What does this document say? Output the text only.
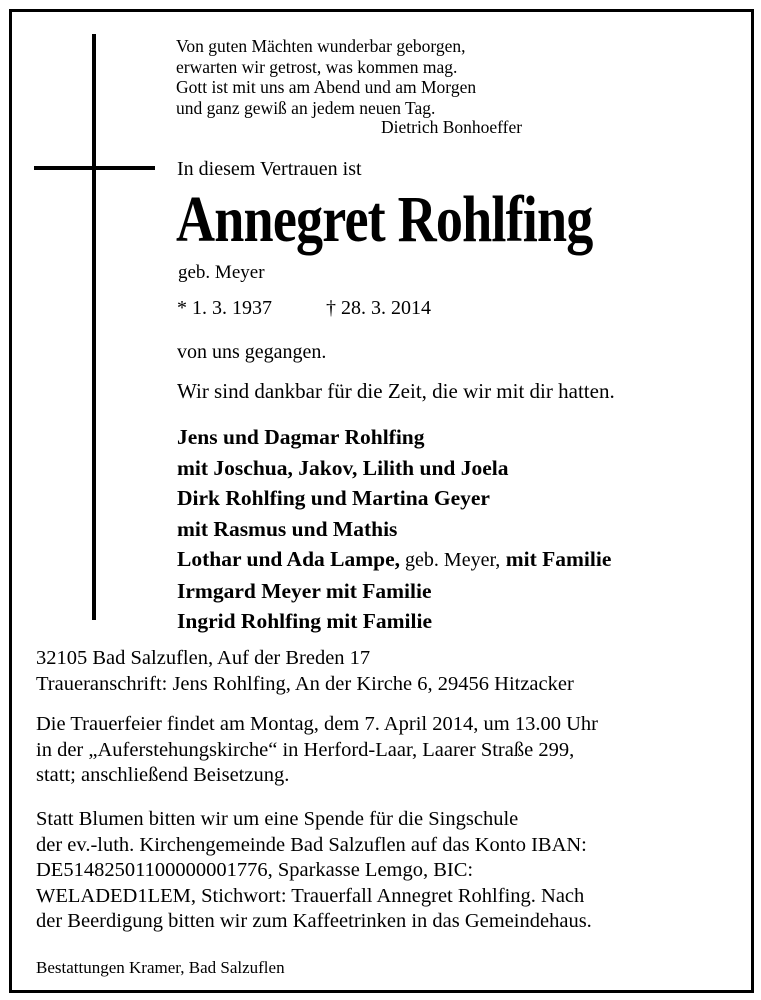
Von guten Mächten wunderbar geborgen,
erwarten wir getrost, was kommen mag.
Gott ist mit uns am Abend und am Morgen
und ganz gewiß an jedem neuen Tag.
Dietrich Bonhoeffer
In diesem Vertrauen ist
Annegret Rohlfing
geb. Meyer
* 1. 3. 1937	† 28. 3. 2014
von uns gegangen.
Wir sind dankbar für die Zeit, die wir mit dir hatten.
Jens und Dagmar Rohlfing
mit Joschua, Jakov, Lilith und Joela
Dirk Rohlfing und Martina Geyer
mit Rasmus und Mathis
Lothar und Ada Lampe, geb. Meyer, mit Familie
Irmgard Meyer mit Familie
Ingrid Rohlfing mit Familie
32105 Bad Salzuflen, Auf der Breden 17
Traueranschrift: Jens Rohlfing, An der Kirche 6, 29456 Hitzacker
Die Trauerfeier findet am Montag, dem 7. April 2014, um 13.00 Uhr
in der „Auferstehungskirche“ in Herford-Laar, Laarer Straße 299,
statt; anschließend Beisetzung.
Statt Blumen bitten wir um eine Spende für die Singschule
der ev.-luth. Kirchengemeinde Bad Salzuflen auf das Konto IBAN:
DE51482501100000001776, Sparkasse Lemgo, BIC:
WELADED1LEM, Stichwort: Trauerfall Annegret Rohlfing. Nach
der Beerdigung bitten wir zum Kaffeetrinken in das Gemeindehaus.
Bestattungen Kramer, Bad Salzuflen
